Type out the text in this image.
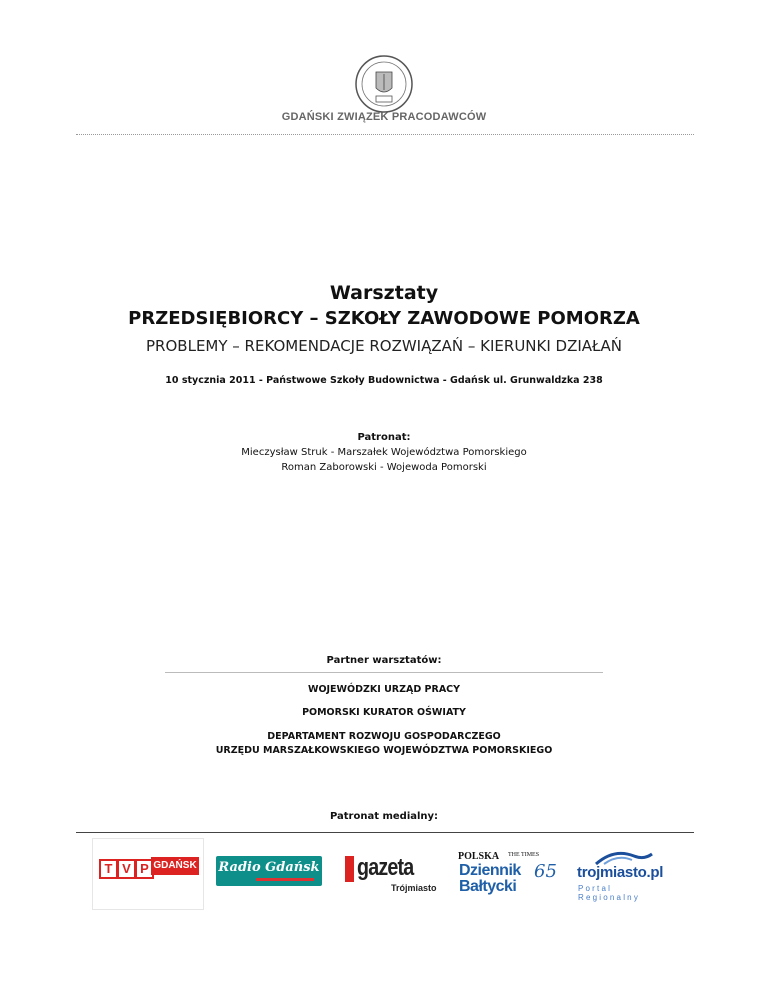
GDAŃSKI ZWIĄZEK PRACODAWCÓW
Warsztaty
PRZEDSIĘBIORCY – SZKOŁY ZAWODOWE POMORZA
PROBLEMY – REKOMENDACJE ROZWIĄZAŃ – KIERUNKI DZIAŁAŃ
10 stycznia 2011 - Państwowe Szkoły Budownictwa - Gdańsk ul. Grunwaldzka 238
Patronat:
Mieczysław Struk - Marszałek Województwa Pomorskiego
Roman Zaborowski - Wojewoda Pomorski
Partner warsztatów:
WOJEWÓDZKI URZĄD PRACY
POMORSKI KURATOR OŚWIATY
DEPARTAMENT ROZWOJU GOSPODARCZEGO
URZĘDU MARSZAŁKOWSKIEGO WOJEWÓDZTWA POMORSKIEGO
Patronat medialny:
T V P GDAŃSK Radio Gdańsk gazeta
Trójmiasto
POLSKA THE TIMES
Dziennik
Bałtycki
65 trojmiasto.pl
Portal Regionalny
